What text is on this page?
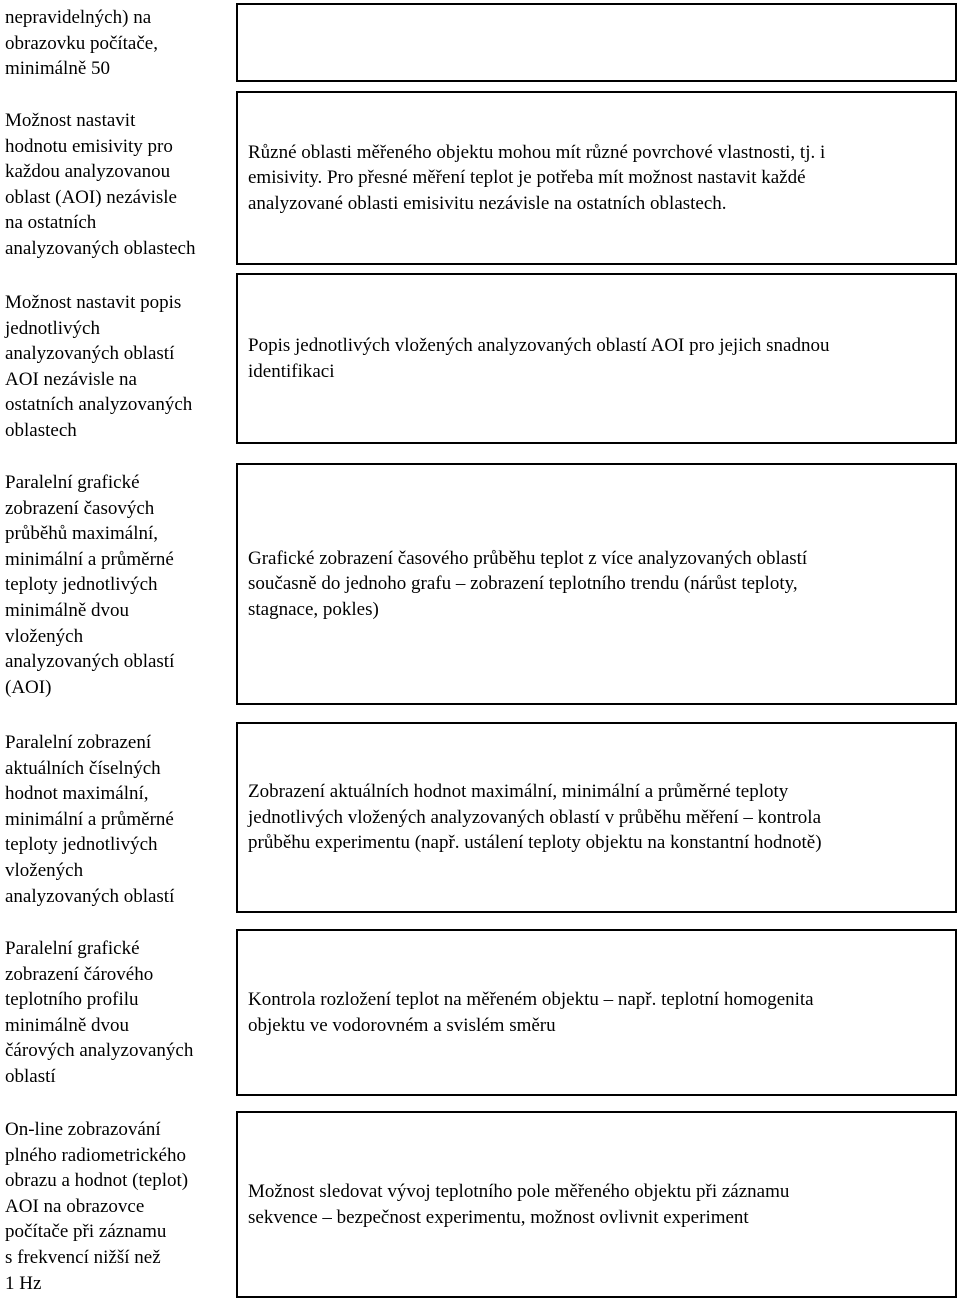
nepravidelných) na
obrazovku počítače,
minimálně 50
Možnost nastavit
hodnotu emisivity pro
každou analyzovanou
oblast (AOI) nezávisle
na ostatních
analyzovaných oblastech
Různé oblasti měřeného objektu mohou mít různé povrchové vlastnosti, tj. i
emisivity. Pro přesné měření teplot je potřeba mít možnost nastavit každé
analyzované oblasti emisivitu nezávisle na ostatních oblastech.
Možnost nastavit popis
jednotlivých
analyzovaných oblastí
AOI nezávisle na
ostatních analyzovaných
oblastech
Popis jednotlivých vložených analyzovaných oblastí AOI pro jejich snadnou
identifikaci
Paralelní grafické
zobrazení časových
průběhů maximální,
minimální a průměrné
teploty jednotlivých
minimálně dvou
vložených
analyzovaných oblastí
(AOI)
Grafické zobrazení časového průběhu teplot z více analyzovaných oblastí
současně do jednoho grafu – zobrazení teplotního trendu (nárůst teploty,
stagnace, pokles)
Paralelní zobrazení
aktuálních číselných
hodnot maximální,
minimální a průměrné
teploty jednotlivých
vložených
analyzovaných oblastí
Zobrazení aktuálních hodnot maximální, minimální a průměrné teploty
jednotlivých vložených analyzovaných oblastí v průběhu měření – kontrola
průběhu experimentu (např. ustálení teploty objektu na konstantní hodnotě)
Paralelní grafické
zobrazení čárového
teplotního profilu
minimálně dvou
čárových analyzovaných
oblastí
Kontrola rozložení teplot na měřeném objektu – např. teplotní homogenita
objektu ve vodorovném a svislém směru
On-line zobrazování
plného radiometrického
obrazu a hodnot (teplot)
AOI na obrazovce
počítače při záznamu
s frekvencí nižší než
1 Hz
Možnost sledovat vývoj teplotního pole měřeného objektu při záznamu
sekvence – bezpečnost experimentu, možnost ovlivnit experiment
